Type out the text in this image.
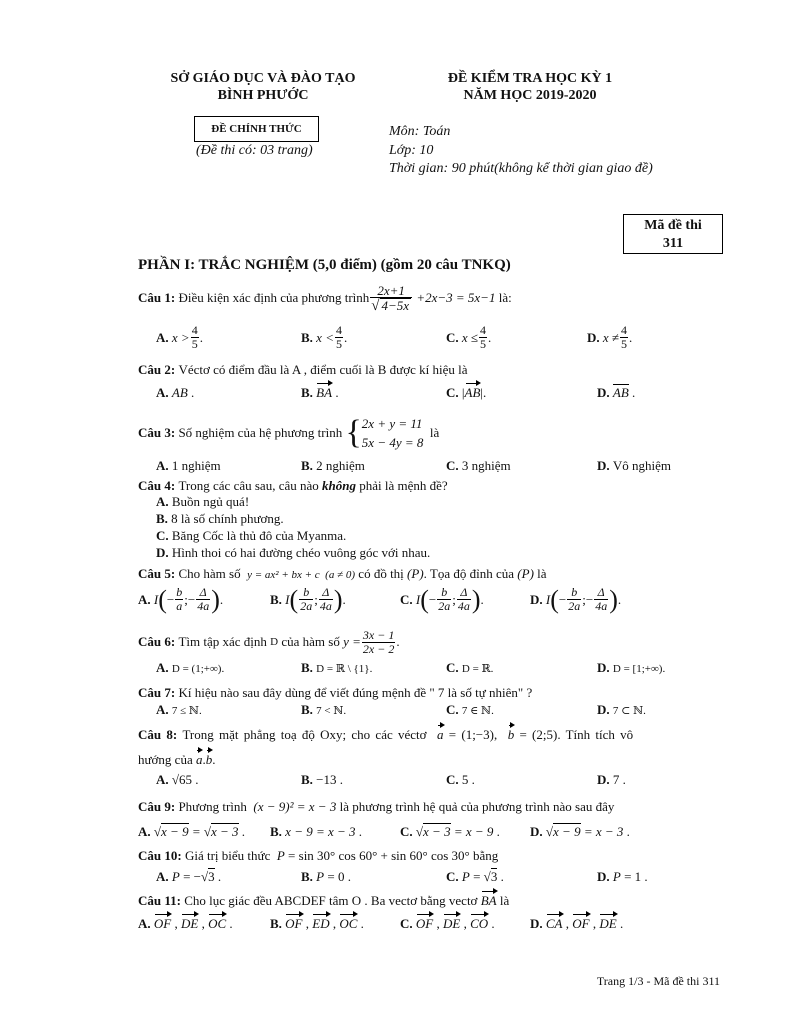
SỞ GIÁO DỤC VÀ ĐÀO TẠO
BÌNH PHƯỚC
ĐỀ KIỂM TRA HỌC KỲ 1
NĂM HỌC 2019-2020
ĐỀ CHÍNH THỨC
(Đề thi có: 03 trang)
Môn: Toán
Lớp: 10
Thời gian: 90 phút(không kể thời gian giao đề)
Mã đề thi
311
PHẦN I: TRẮC NGHIỆM (5,0 điểm) (gồm 20 câu TNKQ)
Câu 1:
Điều kiện xác định của phương trình $\frac{2x+1}{√ 4-5x} +2x-3 = 5x-1$ là:
A.
$x > \frac{4}{5}$ .	B.
$x < \frac{4}{5}$ .	C.
$x \le \frac{4}{5}$ .	D.
$x \ne \frac{4}{5}$ .
Câu 2: Véctơ có điểm đầu là A , điểm cuối là B được kí hiệu là
A. AB .	B. BA .	C. |AB|.	D. AB .
Câu 3:
Số nghiệm của hệ phương trình
{ 2x + y = 11
5x − 4y = 8

là
A. 1 nghiệm	B. 2 nghiệm	C. 3 nghiệm	D. Vô nghiệm
Câu 4: Trong các câu sau, câu nào không phải là mệnh đề?
A. Buồn ngủ quá!
B. 8 là số chính phương.
C. Băng Cốc là thủ đô của Myanma.
D. Hình thoi có hai đường chéo vuông góc với nhau.
Câu 5: Cho hàm số y = ax² + bx + c  (a ≠ 0) có đồ thị (P). Tọa độ đỉnh của (P) là
A.
I ( − $\frac{b}{a}$ ;− $\frac{\Delta}{4a}$ ) .	B.
I ( $\frac{b}{2a}$ ; $\frac{\Delta}{4a}$ ) .	C.
I ( − $\frac{b}{2a}$ ; $\frac{\Delta}{4a}$ ) .	D.
I ( − $\frac{b}{2a}$ ;− $\frac{\Delta}{4a}$ ) .
Câu 6:
Tìm tập xác định
D
của hàm số
$y = \frac{3x - 1}{2x - 2}$ .
A. D = (1;+∞).	B. D = ℝ \ {1}.	C. D = ℝ.	D. D = [1;+∞).
Câu 7: Kí hiệu nào sau đây dùng để viết đúng mệnh đề " 7 là số tự nhiên" ?
A. 7 ≤ ℕ.	B. 7 < ℕ.	C. 7 ∈ ℕ.	D. 7 ⊂ ℕ.
Câu 8: Trong mặt phẳng toạ độ Oxy; cho các véctơ a = (1;−3),  b = (2;5). Tính tích vô
hướng của a.b.
A. √65 .	B. −13 .	C. 5 .	D. 7 .
Câu 9: Phương trình (x − 9)² = x − 3 là phương trình hệ quả của phương trình nào sau đây
A. √x − 9 = √x − 3 . B. x − 9 = x − 3 .	C. √x − 3 = x − 9 . D. √x − 9 = x − 3 .
Câu 10: Giá trị biểu thức P = sin 30° cos 60° + sin 60° cos 30° bằng
A. P = −√3 .	B. P = 0 .	C. P = √3 .	D. P = 1 .
Câu 11: Cho lục giác đều ABCDEF tâm O . Ba vectơ bằng vectơ BA là
A. OF , DE , OC .	B. OF , ED , OC .	C. OF , DE , CO .	D. CA , OF , DE .
Trang 1/3 - Mã đề thi 311
